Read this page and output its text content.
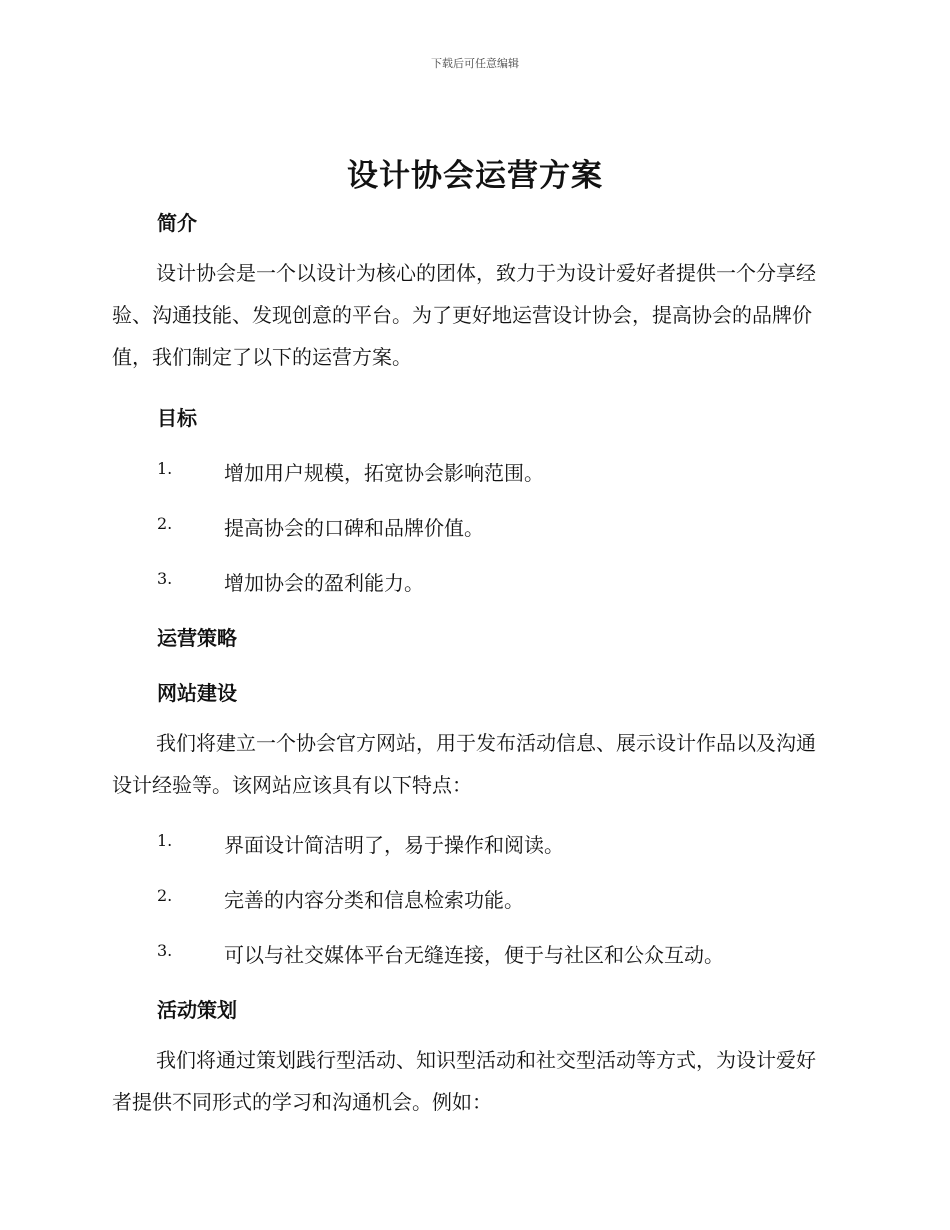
下载后可任意编辑
设计协会运营方案
简介

设计协会是一个以设计为核心的团体，致力于为设计爱好者提供一个分享经验、沟通技能、发现创意的平台。为了更好地运营设计协会，提高协会的品牌价值，我们制定了以下的运营方案。

目标
1.	增加用户规模，拓宽协会影响范围。
2.	提高协会的口碑和品牌价值。
3.	增加协会的盈利能力。
运营策略
网站建设

我们将建立一个协会官方网站，用于发布活动信息、展示设计作品以及沟通设计经验等。该网站应该具有以下特点：

1.	界面设计简洁明了，易于操作和阅读。
2.	完善的内容分类和信息检索功能。
3.	可以与社交媒体平台无缝连接，便于与社区和公众互动。
活动策划

我们将通过策划践行型活动、知识型活动和社交型活动等方式，为设计爱好者提供不同形式的学习和沟通机会。例如：
